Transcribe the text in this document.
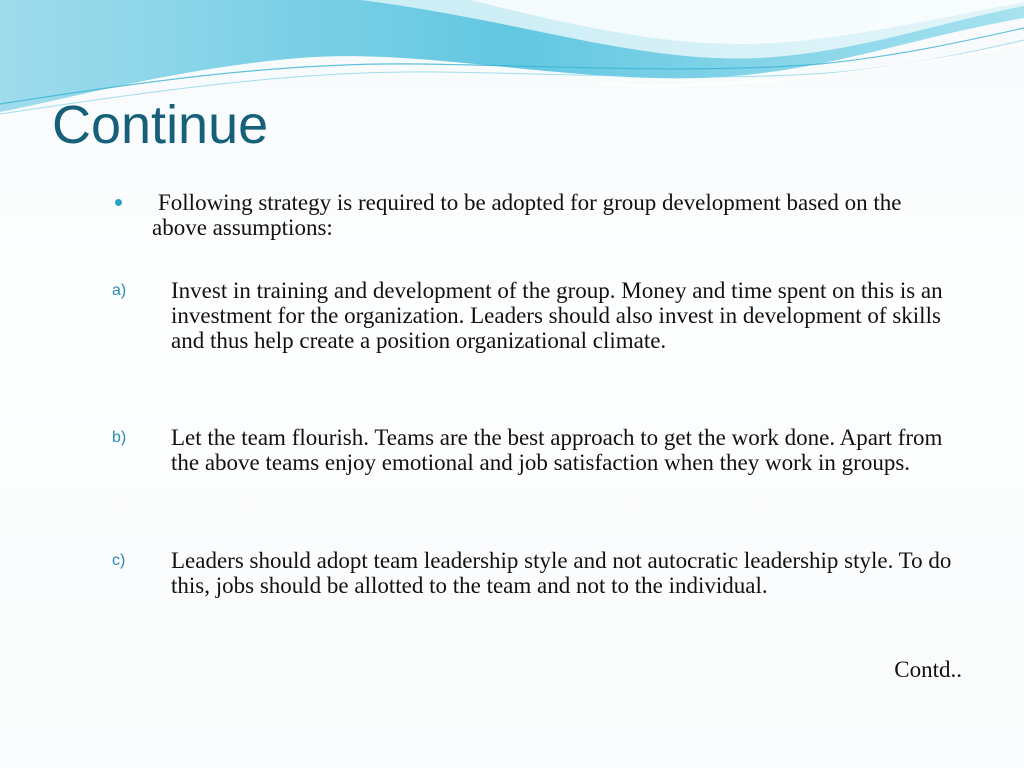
Continue

Following strategy is required to be adopted for group development based on the above assumptions:

a) Invest in training and development of the group. Money and time spent on this is an investment for the organization. Leaders should also invest in development of skills and thus help create a position organizational climate.

b) Let the team flourish. Teams are the best approach to get the work done. Apart from the above teams enjoy emotional and job satisfaction when they work in groups.

c) Leaders should adopt team leadership style and not autocratic leadership style. To do this, jobs should be allotted to the team and not to the individual.

Contd..
